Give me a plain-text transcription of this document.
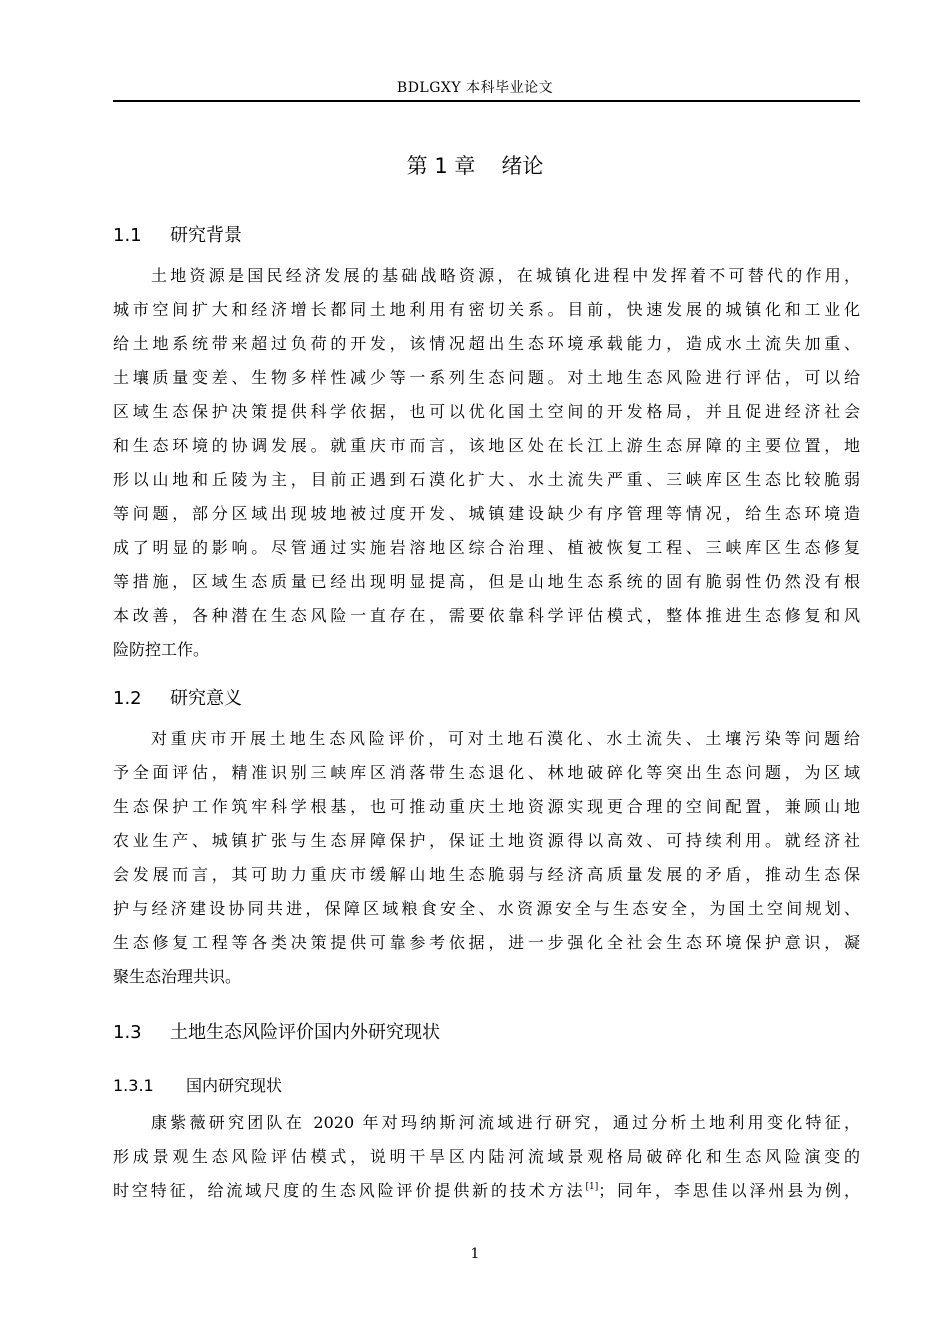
BDLGXY 本科毕业论文
第 1 章 绪论
1.1 研究背景
土地资源是国民经济发展的基础战略资源，在城镇化进程中发挥着不可替代的作用，
城市空间扩大和经济增长都同土地利用有密切关系。目前，快速发展的城镇化和工业化
给土地系统带来超过负荷的开发，该情况超出生态环境承载能力，造成水土流失加重、
土壤质量变差、生物多样性减少等一系列生态问题。对土地生态风险进行评估，可以给
区域生态保护决策提供科学依据，也可以优化国土空间的开发格局，并且促进经济社会
和生态环境的协调发展。就重庆市而言，该地区处在长江上游生态屏障的主要位置，地
形以山地和丘陵为主，目前正遇到石漠化扩大、水土流失严重、三峡库区生态比较脆弱
等问题，部分区域出现坡地被过度开发、城镇建设缺少有序管理等情况，给生态环境造
成了明显的影响。尽管通过实施岩溶地区综合治理、植被恢复工程、三峡库区生态修复
等措施，区域生态质量已经出现明显提高，但是山地生态系统的固有脆弱性仍然没有根
本改善，各种潜在生态风险一直存在，需要依靠科学评估模式，整体推进生态修复和风
险防控工作。
1.2 研究意义
对重庆市开展土地生态风险评价，可对土地石漠化、水土流失、土壤污染等问题给
予全面评估，精准识别三峡库区消落带生态退化、林地破碎化等突出生态问题，为区域
生态保护工作筑牢科学根基，也可推动重庆土地资源实现更合理的空间配置，兼顾山地
农业生产、城镇扩张与生态屏障保护，保证土地资源得以高效、可持续利用。就经济社
会发展而言，其可助力重庆市缓解山地生态脆弱与经济高质量发展的矛盾，推动生态保
护与经济建设协同共进，保障区域粮食安全、水资源安全与生态安全，为国土空间规划、
生态修复工程等各类决策提供可靠参考依据，进一步强化全社会生态环境保护意识，凝
聚生态治理共识。
1.3 土地生态风险评价国内外研究现状
1.3.1 国内研究现状
康紫薇研究团队在 2020 年对玛纳斯河流域进行研究，通过分析土地利用变化特征，
形成景观生态风险评估模式，说明干旱区内陆河流域景观格局破碎化和生态风险演变的
时空特征，给流域尺度的生态风险评价提供新的技术方法[1]；同年，李思佳以泽州县为例，
1
